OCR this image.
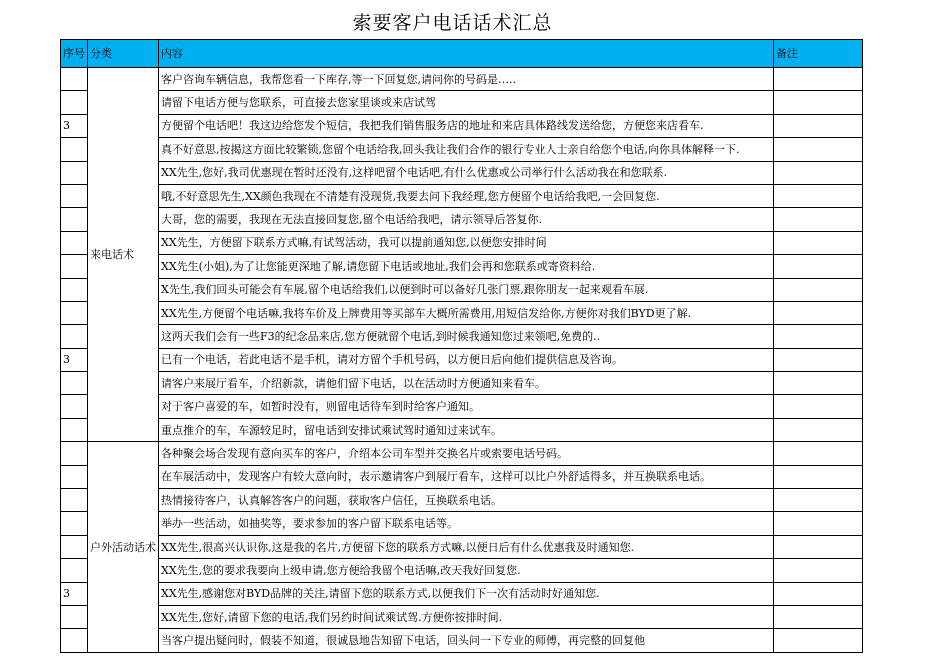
索要客户电话话术汇总
序号	分类	内容	备注

	来电话术	客户咨询车辆信息，我帮您看一下库存,等一下回复您,请问你的号码是…..	
		请留下电话方便与您联系，可直接去您家里谈或来店试驾	
3		方便留个电话吧！我这边给您发个短信，我把我们销售服务店的地址和来店具体路线发送给您，方便您来店看车.	
		真不好意思,按揭这方面比较繁锁,您留个电话给我,回头我让我们合作的银行专业人士亲自给您个电话,向你具体解释一下.	
		XX先生,您好,我司优惠现在暂时还没有,这样吧留个电话吧,有什么优惠或公司举行什么活动我在和您联系.	
		哦,不好意思先生,XX颜色我现在不清楚有没现货,我要去问下我经理,您方便留个电话给我吧,一会回复您.	
		大哥，您的需要，我现在无法直接回复您,留个电话给我吧，请示领导后答复你.	
		XX先生，方便留下联系方式嘛,有试驾活动，我可以提前通知您,以便您安排时间	
		XX先生(小姐),为了让您能更深地了解,请您留下电话或地址,我们会再和您联系或寄资料给.	
		X先生,我们回头可能会有车展,留个电话给我们,以便到时可以备好几张门票,跟你朋友一起来观看车展.	
		XX先生,方便留个电话嘛,我将车价及上牌费用等买部车大概所需费用,用短信发给你,方便你对我们BYD更了解.	
		这两天我们会有一些F3的纪念品来店,您方便就留个电话,到时候我通知您过来领吧,免费的..	
3		已有一个电话，若此电话不是手机，请对方留个手机号码，以方便日后向他们提供信息及咨询。	
		请客户来展厅看车，介绍新款，请他们留下电话，以在活动时方便通知来看车。	
		对于客户喜爱的车，如暂时没有，则留电话待车到时给客户通知。	
		重点推介的车，车源较足时，留电话到安排试乘试驾时通知过来试车。	

	户外活动话术	各种聚会场合发现有意向买车的客户，介绍本公司车型并交换名片或索要电话号码。	
		在车展活动中，发现客户有较大意向时，表示邀请客户到展厅看车，这样可以比户外舒适得多，并互换联系电话。	
		热情接待客户，认真解答客户的问题，获取客户信任，互换联系电话。	
		举办一些活动，如抽奖等，要求参加的客户留下联系电话等。	
		XX先生,很高兴认识你,这是我的名片,方便留下您的联系方式嘛,以便日后有什么优惠我及时通知您.	
		XX先生,您的要求我要向上级申请,您方便给我留个电话嘛,改天我好回复您.	
3		XX先生,感谢您对BYD品牌的关注,请留下您的联系方式,以便我们下一次有活动时好通知您.	
		XX先生,您好,请留下您的电话,我们另约时间试乘试驾.方便你按排时间.	
		当客户提出疑问时，假装不知道，很诚恳地告知留下电话，回头问一下专业的师傅，再完整的回复他	
